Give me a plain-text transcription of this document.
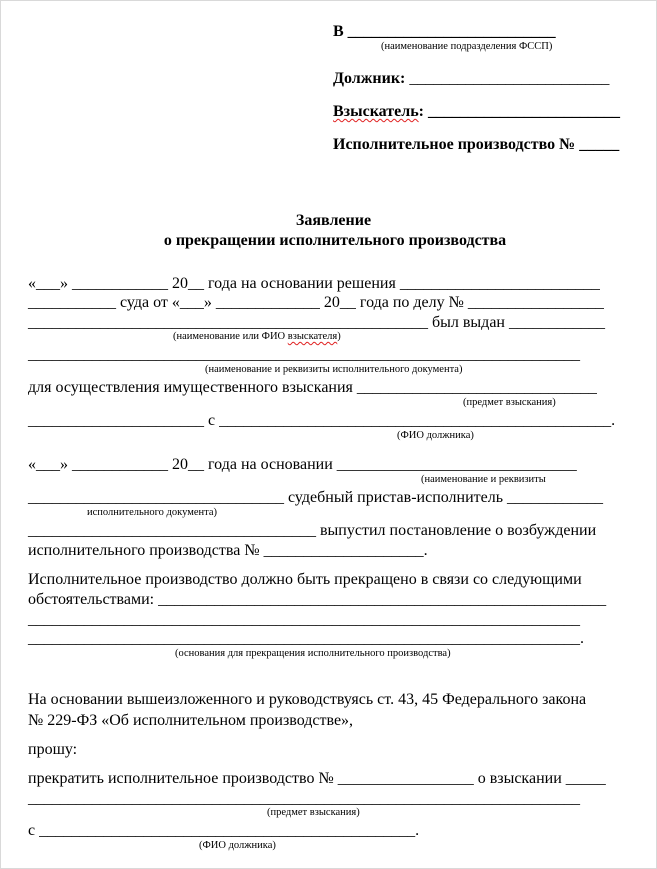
В __________________________
(наименование подразделения ФССП)
Должник: _________________________
Взыскатель: ________________________
Исполнительное производство № _____
Заявление
о прекращении исполнительного производства
«___» ____________ 20__ года на основании решения _________________________
___________ суда от «___» _____________ 20__ года по делу № _________________
__________________________________________________ был выдан ____________
(наименование или ФИО взыскателя)
_____________________________________________________________________
(наименование и реквизиты исполнительного документа)
для осуществления имущественного взыскания ______________________________
(предмет взыскания)
______________________ с _________________________________________________.
(ФИО должника)
«___» ____________ 20__ года на основании ______________________________
(наименование и реквизиты
________________________________ судебный пристав-исполнитель ____________
исполнительного документа)
____________________________________ выпустил постановление о возбуждении
исполнительного производства № ____________________.
Исполнительное производство должно быть прекращено в связи со следующими
обстоятельствами: ________________________________________________________
_____________________________________________________________________
_____________________________________________________________________.
(основания для прекращения исполнительного производства)
На основании вышеизложенного и руководствуясь ст. 43, 45 Федерального закона
№ 229-ФЗ «Об исполнительном производстве»,
прошу:
прекратить исполнительное производство № _________________ о взыскании _____
_____________________________________________________________________
(предмет взыскания)
с _______________________________________________.
(ФИО должника)
